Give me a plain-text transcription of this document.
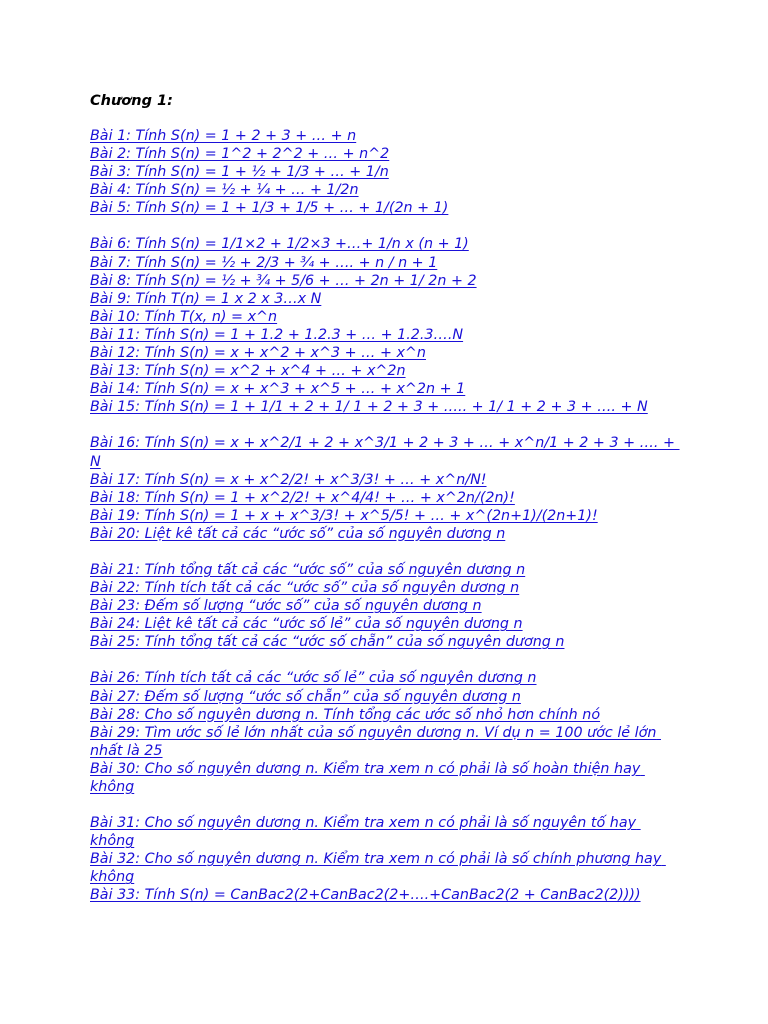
Chương 1:
Bài 1: Tính S(n) = 1 + 2 + 3 + … + n
Bài 2: Tính S(n) = 1^2 + 2^2 + … + n^2
Bài 3: Tính S(n) = 1 + ½ + 1/3 + … + 1/n
Bài 4: Tính S(n) = ½ + ¼ + … + 1/2n
Bài 5: Tính S(n) = 1 + 1/3 + 1/5 + … + 1/(2n + 1)
Bài 6: Tính S(n) = 1/1×2 + 1/2×3 +…+ 1/n x (n + 1)
Bài 7: Tính S(n) = ½ + 2/3 + ¾ + …. + n / n + 1
Bài 8: Tính S(n) = ½ + ¾ + 5/6 + … + 2n + 1/ 2n + 2
Bài 9: Tính T(n) = 1 x 2 x 3…x N
Bài 10: Tính T(x, n) = x^n
Bài 11: Tính S(n) = 1 + 1.2 + 1.2.3 + … + 1.2.3….N
Bài 12: Tính S(n) = x + x^2 + x^3 + … + x^n
Bài 13: Tính S(n) = x^2 + x^4 + … + x^2n
Bài 14: Tính S(n) = x + x^3 + x^5 + … + x^2n + 1
Bài 15: Tính S(n) = 1 + 1/1 + 2 + 1/ 1 + 2 + 3 + ….. + 1/ 1 + 2 + 3 + …. + N
Bài 16: Tính S(n) = x + x^2/1 + 2 + x^3/1 + 2 + 3 + … + x^n/1 + 2 + 3 + …. + N
Bài 17: Tính S(n) = x + x^2/2! + x^3/3! + … + x^n/N!
Bài 18: Tính S(n) = 1 + x^2/2! + x^4/4! + … + x^2n/(2n)!
Bài 19: Tính S(n) = 1 + x + x^3/3! + x^5/5! + … + x^(2n+1)/(2n+1)!
Bài 20: Liệt kê tất cả các “ước số” của số nguyên dương n
Bài 21: Tính tổng tất cả các “ước số” của số nguyên dương n
Bài 22: Tính tích tất cả các “ước số” của số nguyên dương n
Bài 23: Đếm số lượng “ước số” của số nguyên dương n
Bài 24: Liệt kê tất cả các “ước số lẻ” của số nguyên dương n
Bài 25: Tính tổng tất cả các “ước số chẵn” của số nguyên dương n
Bài 26: Tính tích tất cả các “ước số lẻ” của số nguyên dương n
Bài 27: Đếm số lượng “ước số chẵn” của số nguyên dương n
Bài 28: Cho số nguyên dương n. Tính tổng các ước số nhỏ hơn chính nó
Bài 29: Tìm ước số lẻ lớn nhất của số nguyên dương n. Ví dụ n = 100 ước lẻ lớn nhất là 25
Bài 30: Cho số nguyên dương n. Kiểm tra xem n có phải là số hoàn thiện hay không
Bài 31: Cho số nguyên dương n. Kiểm tra xem n có phải là số nguyên tố hay không
Bài 32: Cho số nguyên dương n. Kiểm tra xem n có phải là số chính phương hay không
Bài 33: Tính S(n) = CanBac2(2+CanBac2(2+….+CanBac2(2 + CanBac2(2))))
